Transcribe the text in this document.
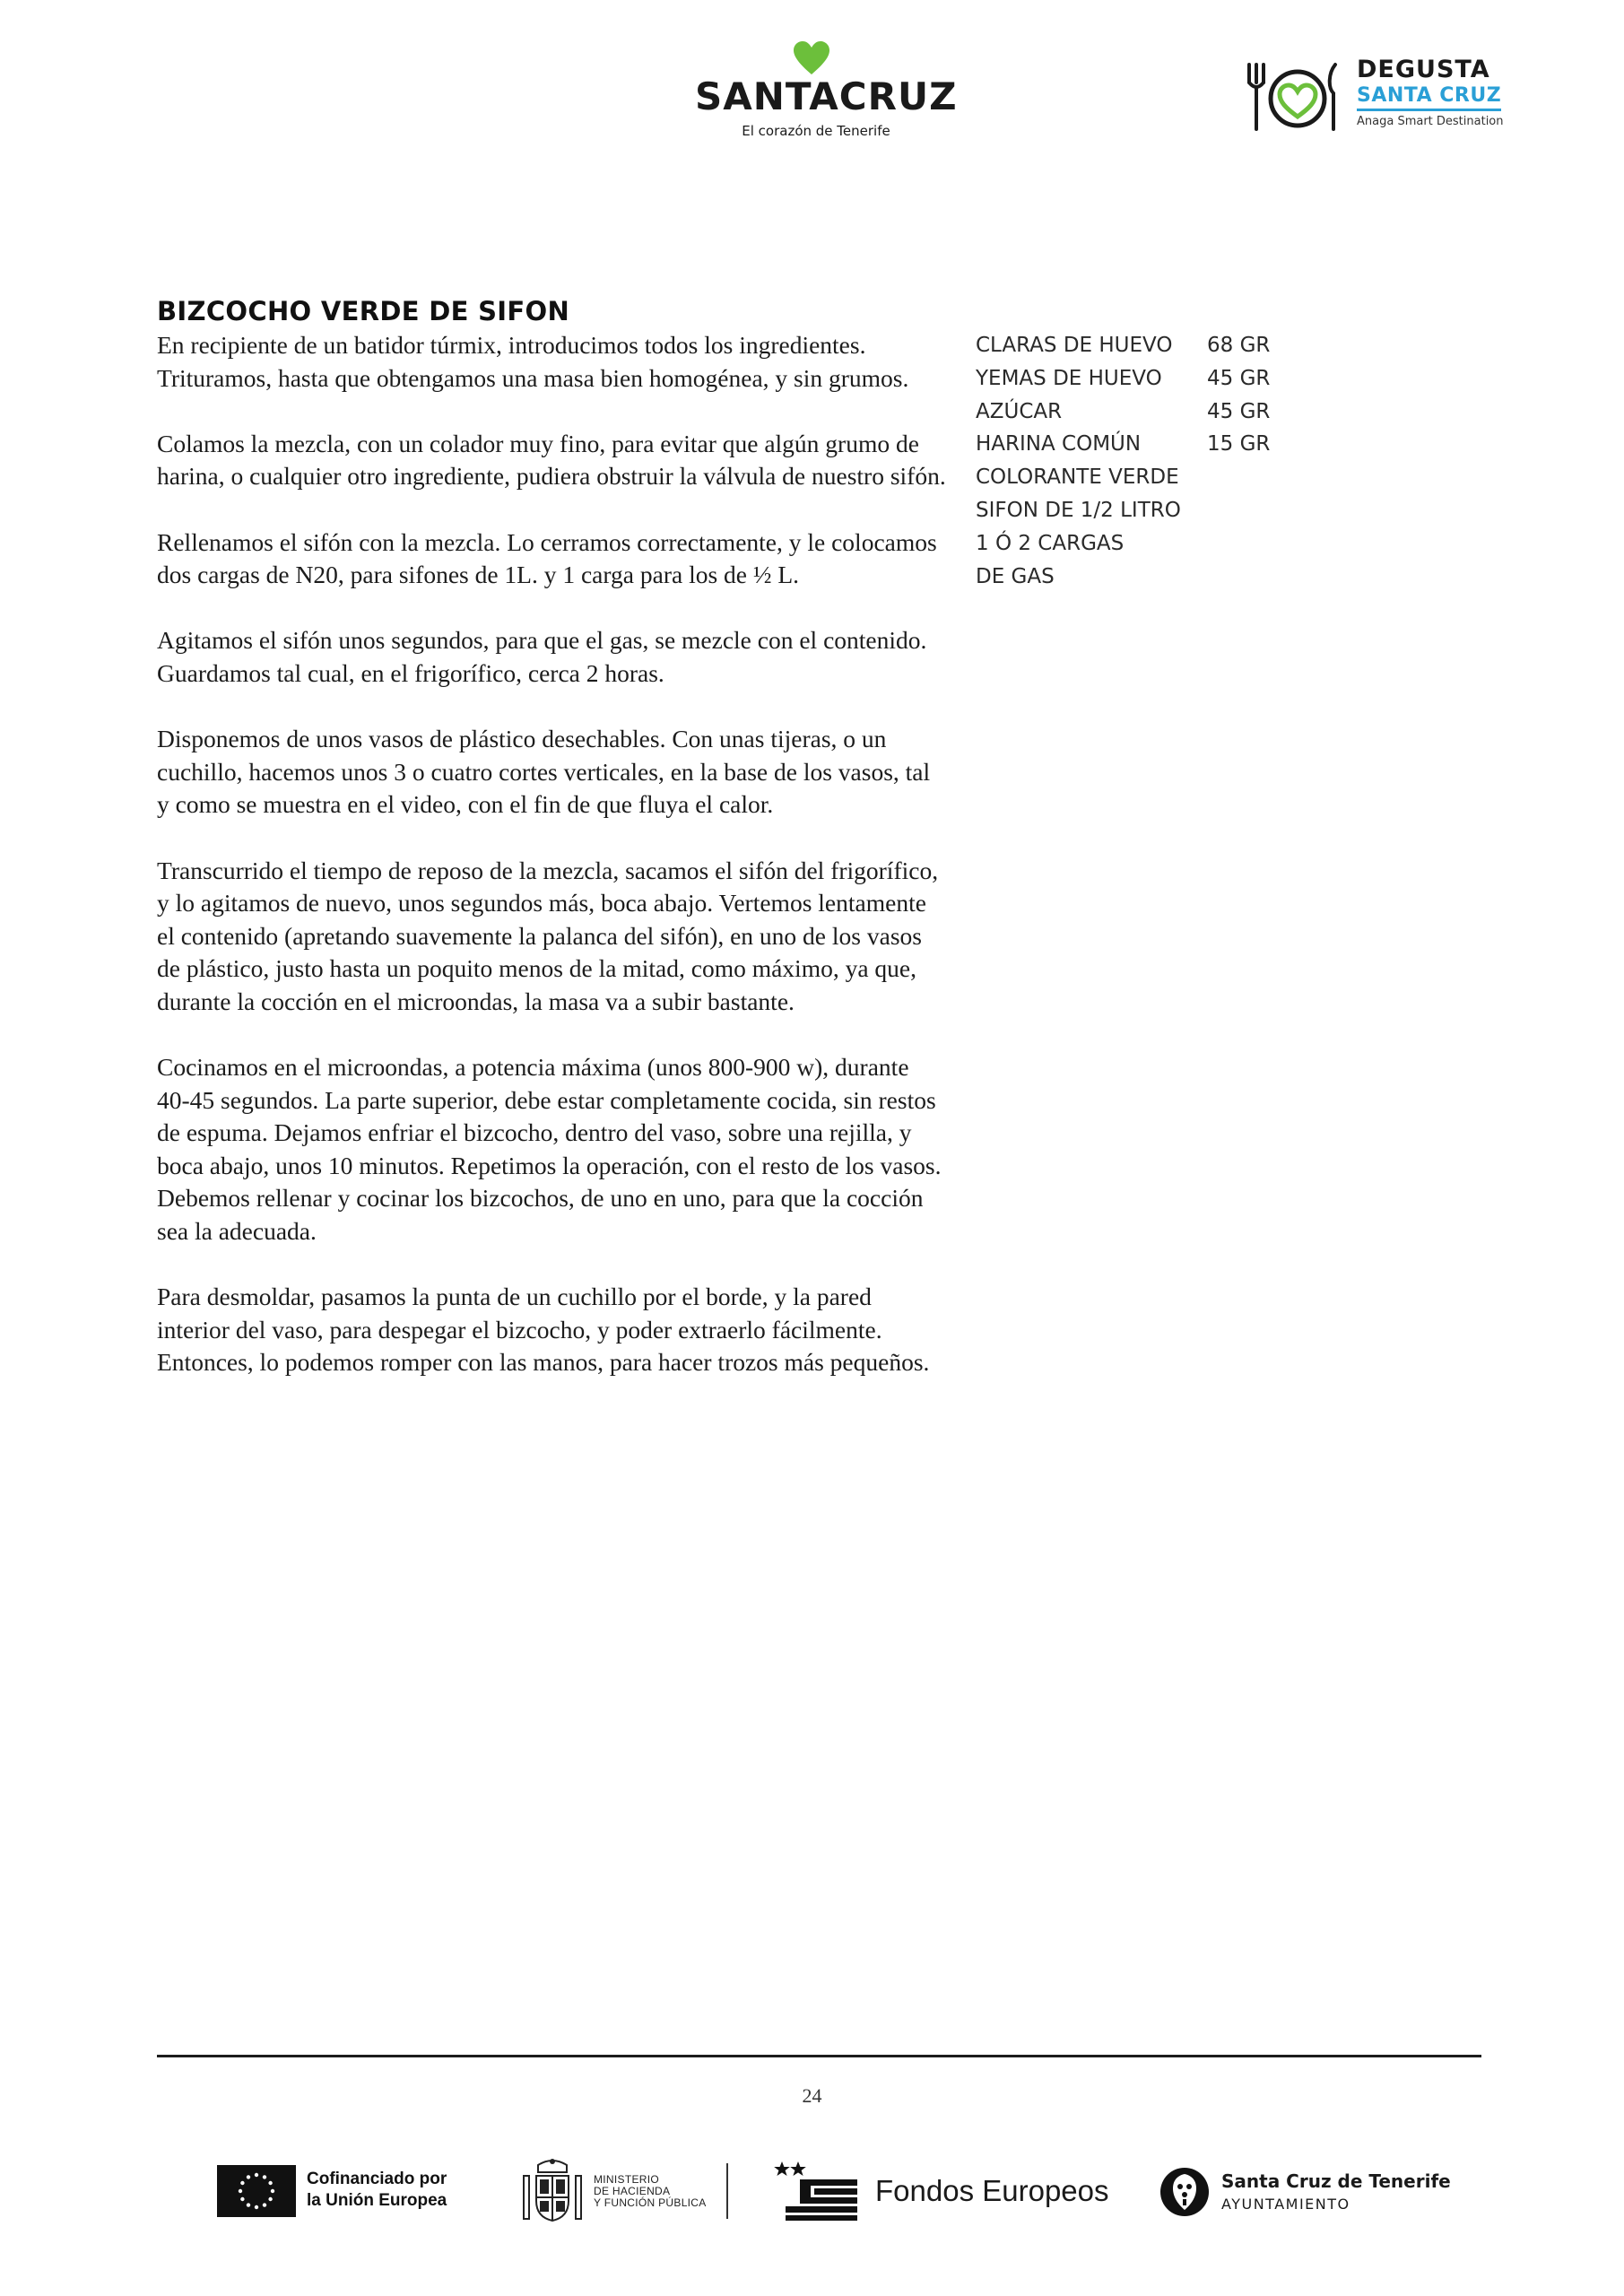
SANTACRUZ
El corazón de Tenerife
DEGUSTA
SANTA CRUZ
Anaga Smart Destination
BIZCOCHO VERDE DE SIFON

En recipiente de un batidor túrmix, introducimos todos los ingredientes. Trituramos, hasta que obtengamos una masa bien homogénea, y sin grumos.

Colamos la mezcla, con un colador muy fino, para evitar que algún grumo de harina, o cualquier otro ingrediente, pudiera obstruir la válvula de nuestro sifón.

Rellenamos el sifón con la mezcla. Lo cerramos correctamente, y le colocamos dos cargas de N20, para sifones de 1L. y 1 carga para los de ½ L.

Agitamos el sifón unos segundos, para que el gas, se mezcle con el contenido. Guardamos tal cual, en el frigorífico, cerca 2 horas.

Disponemos de unos vasos de plástico desechables. Con unas tijeras, o un cuchillo, hacemos unos 3 o cuatro cortes verticales, en la base de los vasos, tal y como se muestra en el video, con el fin de que fluya el calor.

Transcurrido el tiempo de reposo de la mezcla, sacamos el sifón del frigorífico, y lo agitamos de nuevo, unos segundos más, boca abajo. Vertemos lentamente el contenido (apretando suavemente la palanca del sifón), en uno de los vasos de plástico, justo hasta un poquito menos de la mitad, como máximo, ya que, durante la cocción en el microondas, la masa va a subir bastante.

Cocinamos en el microondas, a potencia máxima (unos 800-900 w), durante 40-45 segundos. La parte superior, debe estar completamente cocida, sin restos de espuma. Dejamos enfriar el bizcocho, dentro del vaso, sobre una rejilla, y boca abajo, unos 10 minutos. Repetimos la operación, con el resto de los vasos. Debemos rellenar y cocinar los bizcochos, de uno en uno, para que la cocción sea la adecuada.

Para desmoldar, pasamos la punta de un cuchillo por el borde, y la pared interior del vaso, para despegar el bizcocho, y poder extraerlo fácilmente. Entonces, lo podemos romper con las manos, para hacer trozos más pequeños.

CLARAS DE HUEVO 68 GR
YEMAS DE HUEVO 45 GR
AZÚCAR	45 GR
HARINA COMÚN	15 GR
COLORANTE VERDE
SIFON DE 1/2 LITRO
1 Ó 2 CARGAS
DE GAS
24
Cofinanciado por
la Unión Europea
MINISTERIO
DE HACIENDA
Y FUNCIÓN PÚBLICA	Fondos Europeos	Santa Cruz de Tenerife
AYUNTAMIENTO
